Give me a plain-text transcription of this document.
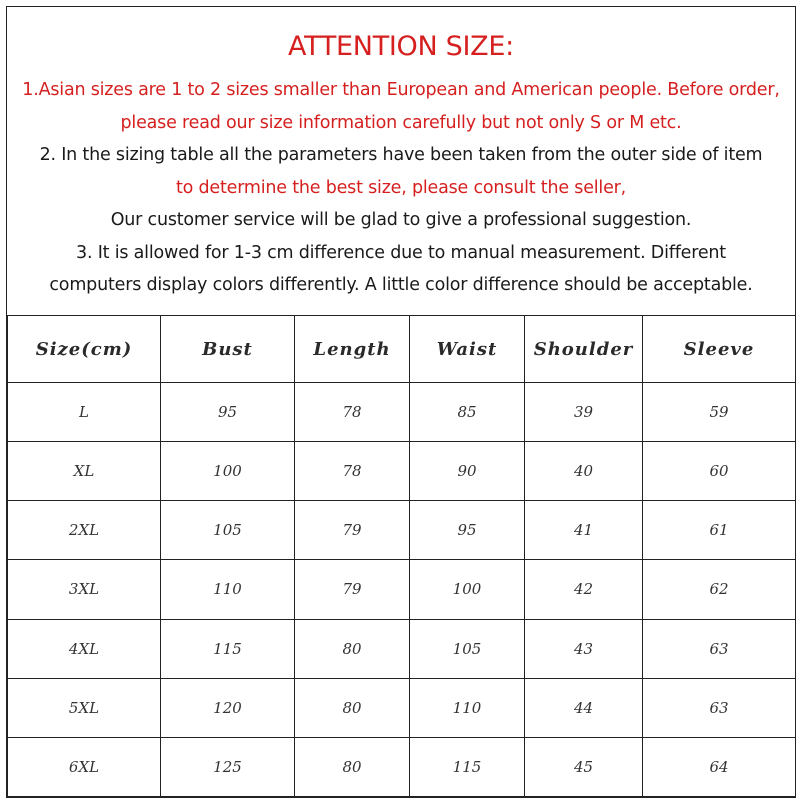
ATTENTION SIZE:
1.Asian sizes are 1 to 2 sizes smaller than European and American people. Before order,
please read our size information carefully but not only S or M etc.
2. In the sizing table all the parameters have been taken from the outer side of item
to determine the best size, please consult the seller,
Our customer service will be glad to give a professional suggestion.
3. It is allowed for 1-3 cm difference due to manual measurement. Different
computers display colors differently. A little color difference should be acceptable.
Size(cm)	Bust	Length	Waist	Shoulder	Sleeve
L	95	78	85	39	59
XL	100	78	90	40	60
2XL	105	79	95	41	61
3XL	110	79	100	42	62
4XL	115	80	105	43	63
5XL	120	80	110	44	63
6XL	125	80	115	45	64
